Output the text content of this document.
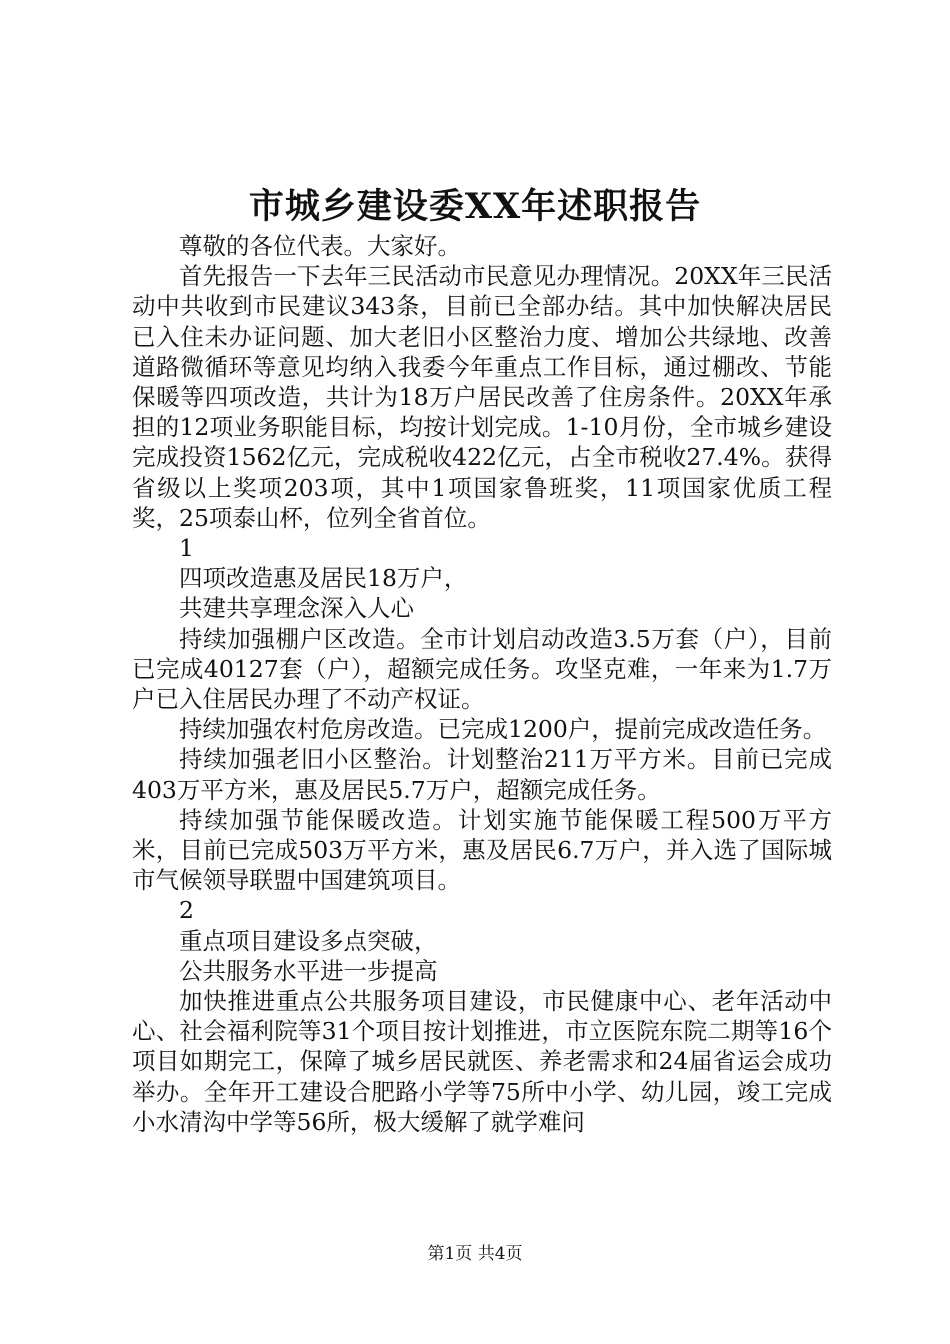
市城乡建设委XX年述职报告

尊敬的各位代表。大家好。

首先报告一下去年三民活动市民意见办理情况。20XX年三民活动中共收到市民建议343条，目前已全部办结。其中加快解决居民已入住未办证问题、加大老旧小区整治力度、增加公共绿地、改善道路微循环等意见均纳入我委今年重点工作目标，通过棚改、节能保暖等四项改造，共计为18万户居民改善了住房条件。20XX年承担的12项业务职能目标，均按计划完成。1-10月份，全市城乡建设完成投资1562亿元，完成税收422亿元，占全市税收27.4%。获得省级以上奖项203项，其中1项国家鲁班奖，11项国家优质工程奖，25项泰山杯，位列全省首位。

1

四项改造惠及居民18万户，

共建共享理念深入人心

持续加强棚户区改造。全市计划启动改造3.5万套（户），目前已完成40127套（户），超额完成任务。攻坚克难，一年来为1.7万户已入住居民办理了不动产权证。

持续加强农村危房改造。已完成1200户，提前完成改造任务。

持续加强老旧小区整治。计划整治211万平方米。目前已完成403万平方米，惠及居民5.7万户，超额完成任务。

持续加强节能保暖改造。计划实施节能保暖工程500万平方米，目前已完成503万平方米，惠及居民6.7万户，并入选了国际城市气候领导联盟中国建筑项目。

2

重点项目建设多点突破，

公共服务水平进一步提高

加快推进重点公共服务项目建设，市民健康中心、老年活动中心、社会福利院等31个项目按计划推进，市立医院东院二期等16个项目如期完工，保障了城乡居民就医、养老需求和24届省运会成功举办。全年开工建设合肥路小学等75所中小学、幼儿园，竣工完成小水清沟中学等56所，极大缓解了就学难问

第1页 共4页
